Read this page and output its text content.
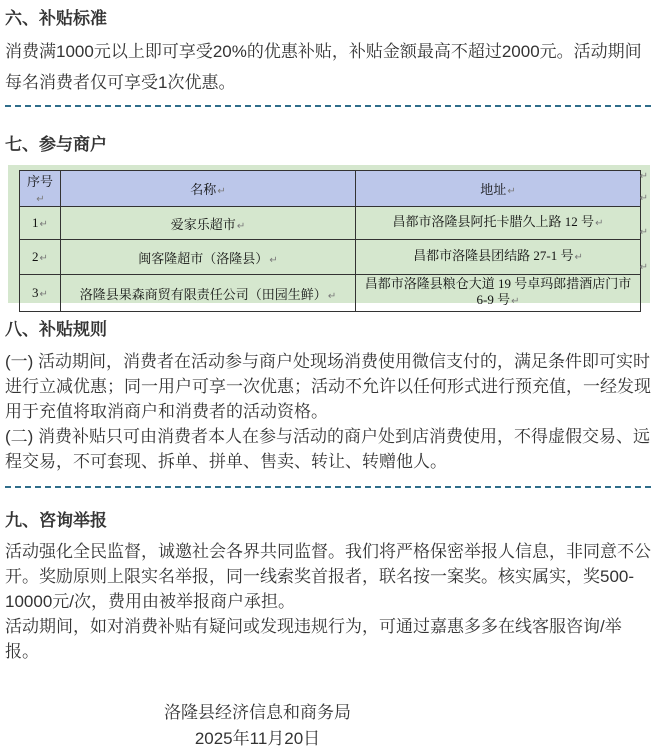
六、补贴标准

消费满1000元以上即可享受20%的优惠补贴，补贴金额最高不超过2000元。活动期间每名消费者仅可享受1次优惠。

七、参与商户
序号↵	名称↵	地址↵
1↵	爱家乐超市↵	昌都市洛隆县阿托卡腊久上路 12 号↵
2↵	闽客隆超市（洛隆县）↵	昌都市洛隆县团结路 27-1 号↵
3↵	洛隆县果森商贸有限责任公司（田园生鲜）↵	昌都市洛隆县粮仓大道 19 号卓玛郎措酒店门市 6-9 号↵
↵
↵
↵
↵
八、补贴规则

(一) 活动期间，消费者在活动参与商户处现场消费使用微信支付的，满足条件即可实时进行立减优惠；同一用户可享一次优惠；活动不允许以任何形式进行预充值，一经发现用于充值将取消商户和消费者的活动资格。

(二) 消费补贴只可由消费者本人在参与活动的商户处到店消费使用，不得虚假交易、远程交易，不可套现、拆单、拼单、售卖、转让、转赠他人。

九、咨询举报

活动强化全民监督，诚邀社会各界共同监督。我们将严格保密举报人信息，非同意不公开。奖励原则上限实名举报，同一线索奖首报者，联名按一案奖。核实属实，奖500-10000元/次，费用由被举报商户承担。

活动期间，如对消费补贴有疑问或发现违规行为，可通过嘉惠多多在线客服咨询/举报。

洛隆县经济信息和商务局
2025年11月20日
